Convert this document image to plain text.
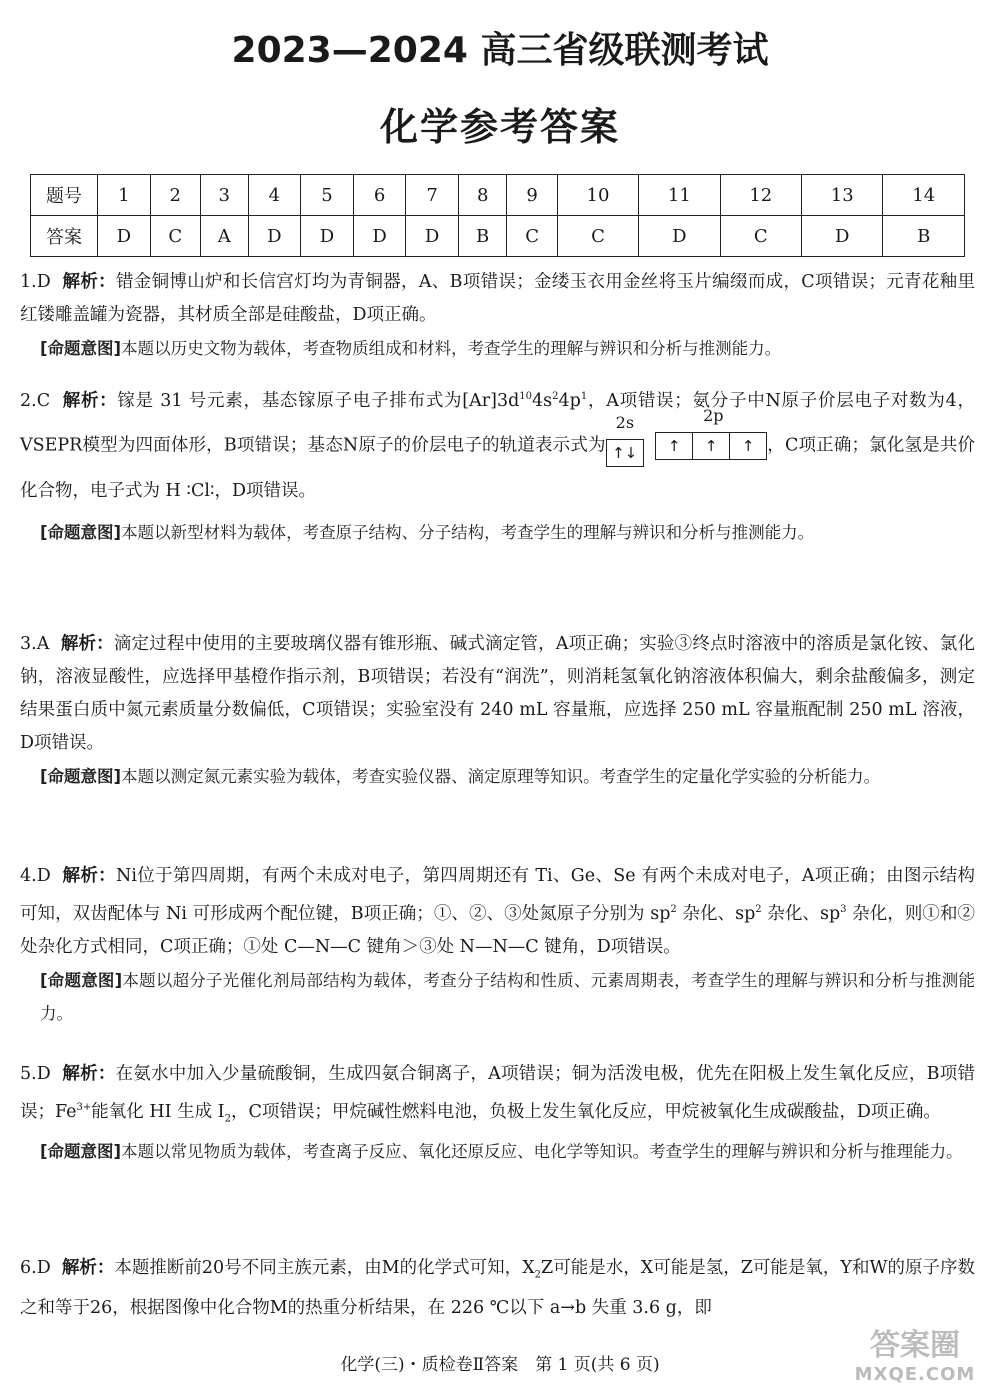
2023—2024 高三省级联测考试
化学参考答案
题号	1	2	3	4	5	6	7	8	9	10	11	12	13	14
答案	D	C	A	D	D	D	D	B	C	C	D	C	D	B

1.D 解析：错金铜博山炉和长信宫灯均为青铜器，A、B项错误；金缕玉衣用金丝将玉片编缀而成，C项错误；元青花釉里红镂雕盖罐为瓷器，其材质全部是硅酸盐，D项正确。

[命题意图]本题以历史文物为载体，考查物质组成和材料，考查学生的理解与辨识和分析与推测能力。

2.C 解析：镓是 31 号元素，基态镓原子电子排布式为$[Ar]3d^{10}4s^24p^1$，A项错误；氨分子中N原子价层电子对数为4，VSEPR模型为四面体形，B项错误；基态N原子的价层电子的轨道表示式为
2s
↑↓
2p
↑ ↑ ↑ ，C项正确；氯化氢是共价化合物，电子式为 H ∶Cl∶，D项错误。

[命题意图]本题以新型材料为载体，考查原子结构、分子结构，考查学生的理解与辨识和分析与推测能力。

3.A 解析：滴定过程中使用的主要玻璃仪器有锥形瓶、碱式滴定管，A项正确；实验③终点时溶液中的溶质是氯化铵、氯化钠，溶液显酸性，应选择甲基橙作指示剂，B项错误；若没有“润洗”，则消耗氢氧化钠溶液体积偏大，剩余盐酸偏多，测定结果蛋白质中氮元素质量分数偏低，C项错误；实验室没有 240 mL 容量瓶，应选择 250 mL 容量瓶配制 250 mL 溶液，D项错误。

[命题意图]本题以测定氮元素实验为载体，考查实验仪器、滴定原理等知识。考查学生的定量化学实验的分析能力。

4.D 解析：Ni位于第四周期，有两个未成对电子，第四周期还有 Ti、Ge、Se 有两个未成对电子，A项正确；由图示结构可知，双齿配体与 Ni 可形成两个配位键，B项正确；①、②、③处氮原子分别为 $sp^2$ 杂化、$sp^2$ 杂化、$sp^3$ 杂化，则①和②处杂化方式相同，C项正确；①处 C—N—C 键角＞③处 N—N—C 键角，D项错误。

[命题意图]本题以超分子光催化剂局部结构为载体，考查分子结构和性质、元素周期表，考查学生的理解与辨识和分析与推测能力。

5.D 解析：在氨水中加入少量硫酸铜，生成四氨合铜离子，A项错误；铜为活泼电极，优先在阳极上发生氧化反应，B项错误；$Fe^{3+}$能氧化 HI 生成 $I_2$，C项错误；甲烷碱性燃料电池，负极上发生氧化反应，甲烷被氧化生成碳酸盐，D项正确。

[命题意图]本题以常见物质为载体，考查离子反应、氧化还原反应、电化学等知识。考查学生的理解与辨识和分析与推理能力。

6.D 解析：本题推断前20号不同主族元素，由M的化学式可知，$X_2Z$可能是水，X可能是氢，Z可能是氧，Y和W的原子序数之和等于26，根据图像中化合物M的热重分析结果，在 226 ℃以下 a→b 失重 3.6 g，即

化学(三)・质检卷Ⅱ答案　第 1 页(共 6 页)
答案圈
MXQE.COM
